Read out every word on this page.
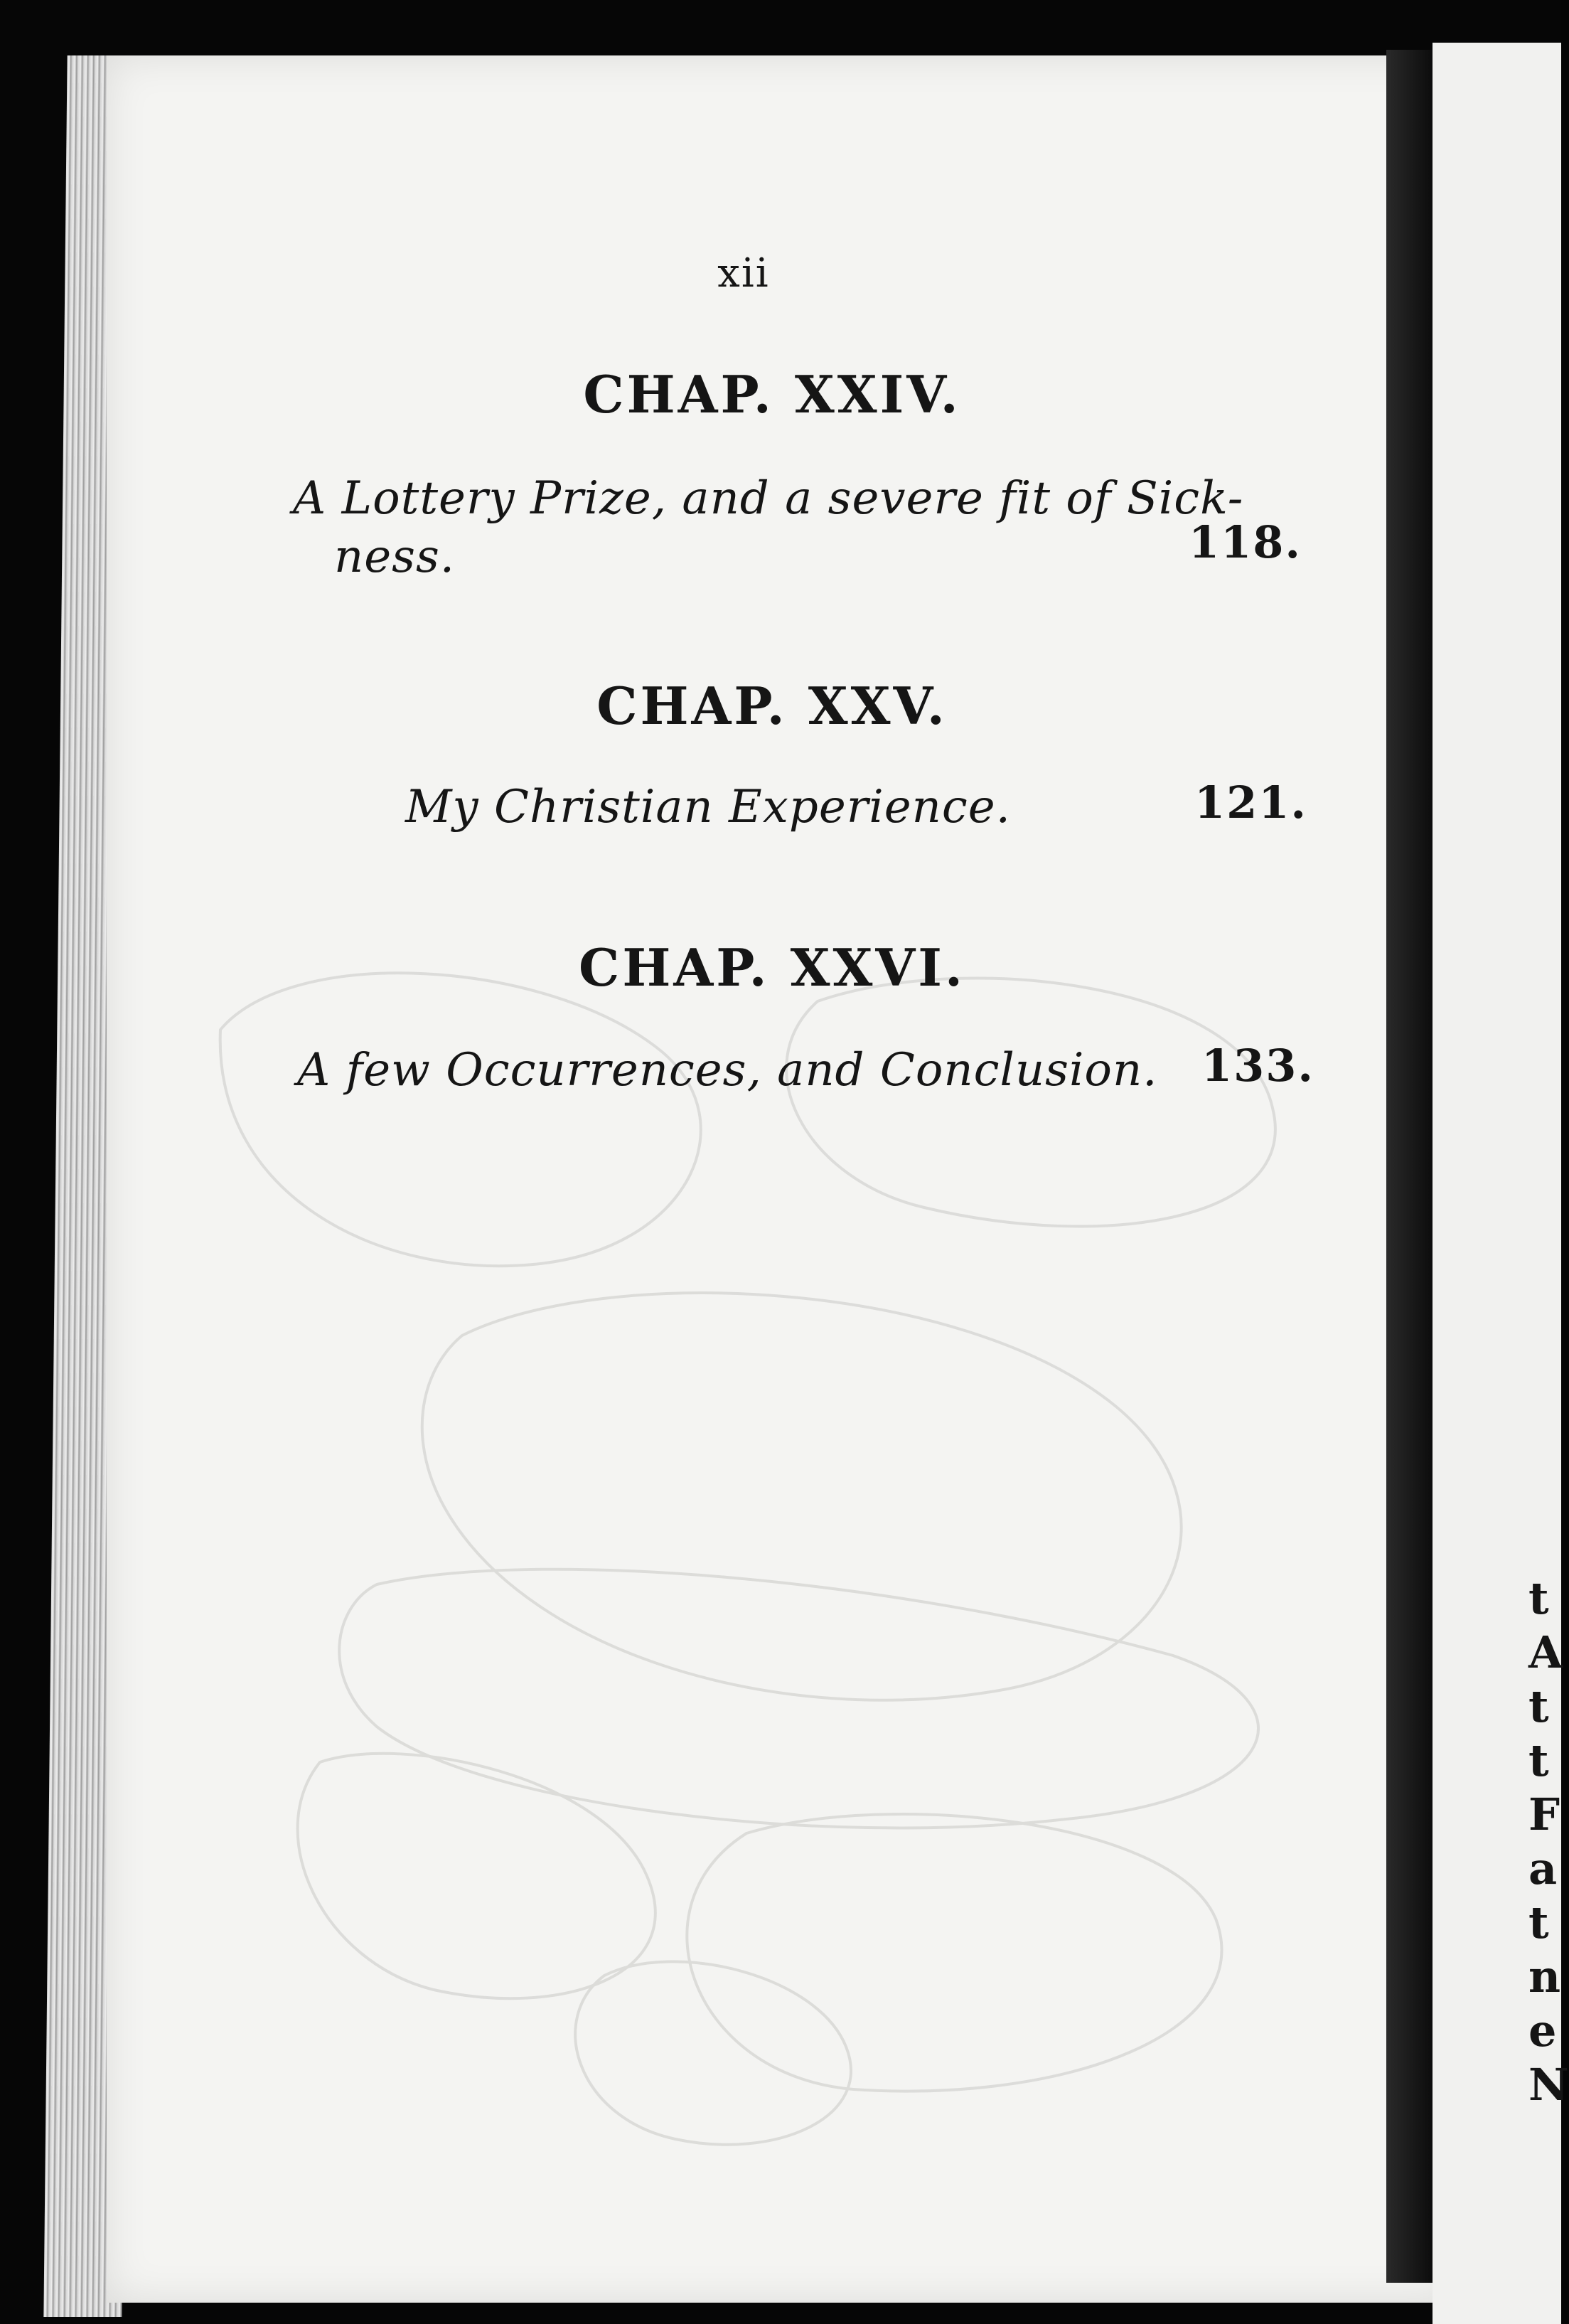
t
A
t
t
F
a
t
n
e
N
xii
CHAP. XXIV.
A Lottery Prize, and a severe fit of Sick-
ness.	118.
CHAP. XXV.
My Christian Experience.	121.
CHAP. XXVI.
A few Occurrences, and Conclusion. 133.
